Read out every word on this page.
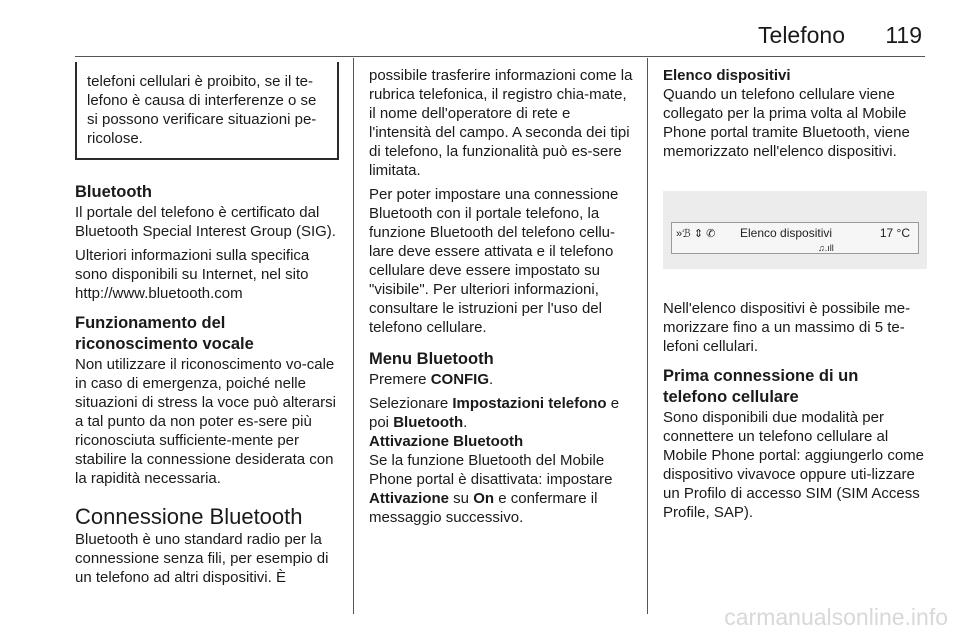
Telefono 119

telefoni cellulari è proibito, se il te-lefono è causa di interferenze o se si possono verificare situazioni pe-ricolose.

Bluetooth

Il portale del telefono è certificato dal Bluetooth Special Interest Group (SIG).

Ulteriori informazioni sulla specifica sono disponibili su Internet, nel sito http://www.bluetooth.com

Funzionamento del riconoscimento vocale

Non utilizzare il riconoscimento vo-cale in caso di emergenza, poiché nelle situazioni di stress la voce può alterarsi a tal punto da non poter es-sere più riconosciuta sufficiente-mente per stabilire la connessione desiderata con la rapidità necessaria.

Connessione Bluetooth

Bluetooth è uno standard radio per la connessione senza fili, per esempio di un telefono ad altri dispositivi. È

possibile trasferire informazioni come la rubrica telefonica, il registro chia-mate, il nome dell'operatore di rete e l'intensità del campo. A seconda dei tipi di telefono, la funzionalità può es-sere limitata.

Per poter impostare una connessione Bluetooth con il portale telefono, la funzione Bluetooth del telefono cellu-lare deve essere attivata e il telefono cellulare deve essere impostato su "visibile". Per ulteriori informazioni, consultare le istruzioni per l'uso del telefono cellulare.

Menu Bluetooth

Premere CONFIG.

Selezionare Impostazioni telefono e poi Bluetooth.

Attivazione Bluetooth

Se la funzione Bluetooth del Mobile Phone portal è disattivata: impostare Attivazione su On e confermare il messaggio successivo.

Elenco dispositivi

Quando un telefono cellulare viene collegato per la prima volta al Mobile Phone portal tramite Bluetooth, viene memorizzato nell'elenco dispositivi.

»ℬ ⇕ ✆ Elenco dispositivi	17 °C
♫.ıll

Nell'elenco dispositivi è possibile me-morizzare fino a un massimo di 5 te-lefoni cellulari.

Prima connessione di un telefono cellulare

Sono disponibili due modalità per connettere un telefono cellulare al Mobile Phone portal: aggiungerlo come dispositivo vivavoce oppure uti-lizzare un Profilo di accesso SIM (SIM Access Profile, SAP).

carmanualsonline.info
